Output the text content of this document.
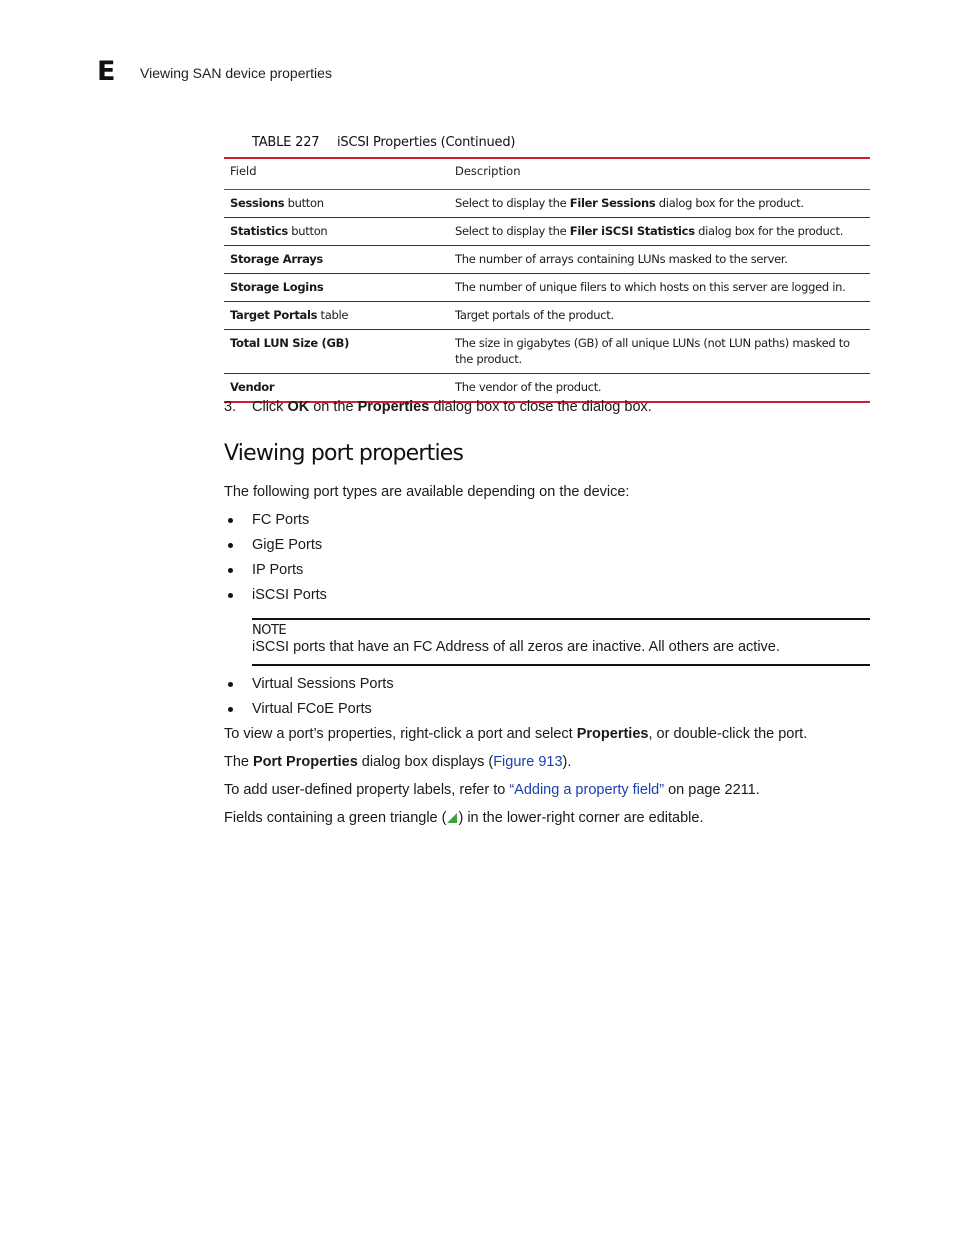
E Viewing SAN device properties
TABLE 227 iSCSI Properties (Continued)
Field	Description
Sessions button	Select to display the Filer Sessions dialog box for the product.
Statistics button	Select to display the Filer iSCSI Statistics dialog box for the product.
Storage Arrays	The number of arrays containing LUNs masked to the server.
Storage Logins	The number of unique filers to which hosts on this server are logged in.
Target Portals table	Target portals of the product.
Total LUN Size (GB)	The size in gigabytes (GB) of all unique LUNs (not LUN paths) masked to the product.
Vendor	The vendor of the product.
3. Click OK on the Properties dialog box to close the dialog box.
Viewing port properties
The following port types are available depending on the device:
FC Ports
GigE Ports
IP Ports
iSCSI Ports
NOTE
iSCSI ports that have an FC Address of all zeros are inactive. All others are active.
Virtual Sessions Ports
Virtual FCoE Ports
To view a port’s properties, right-click a port and select Properties, or double-click the port.
The Port Properties dialog box displays (Figure 913).
To add user-defined property labels, refer to “Adding a property field” on page 2211.
Fields containing a green triangle ( ) in the lower-right corner are editable.
